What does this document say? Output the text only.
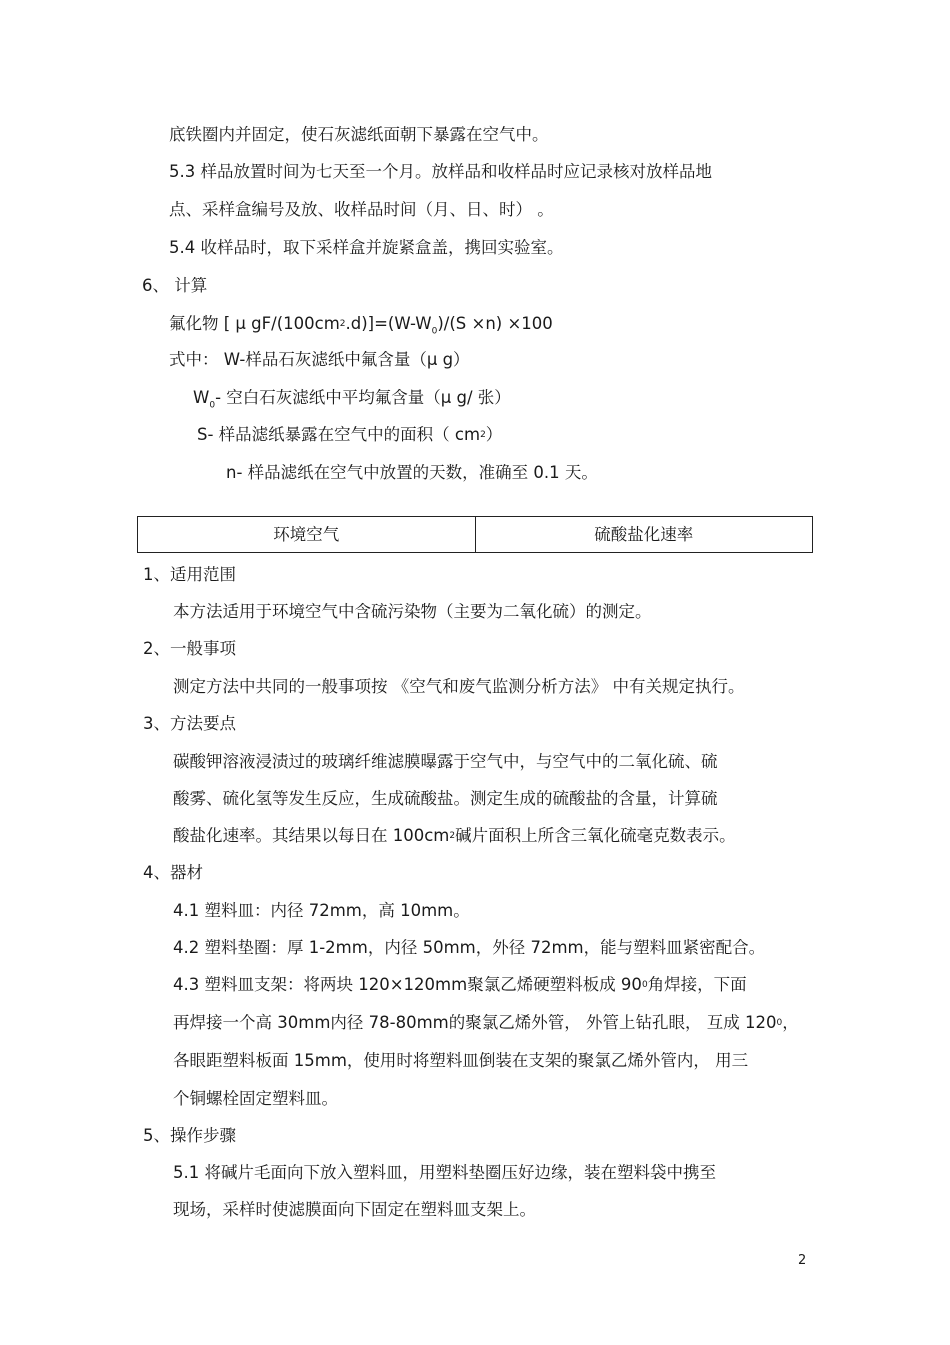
底铁圈内并固定，使石灰滤纸面朝下暴露在空气中。
5.3 样品放置时间为七天至一个月。放样品和收样品时应记录核对放样品地
点、采样盒编号及放、收样品时间（月、日、时） 。
5.4 收样品时，取下采样盒并旋紧盒盖，携回实验室。
6、 计算
氟化物 [ μ $gF/(100cm^2.d)]=(W-W_0)/(S \times n) \times 100$
式中： W-样品石灰滤纸中氟含量（μ g）
$W_0-$ 空白石灰滤纸中平均氟含量（μ g/ 张）
S- 样品滤纸暴露在空气中的面积（ $cm^2$）
n- 样品滤纸在空气中放置的天数，准确至 0.1 天。
环境空气	硫酸盐化速率
1、适用范围
本方法适用于环境空气中含硫污染物（主要为二氧化硫）的测定。
2、一般事项
测定方法中共同的一般事项按 《空气和废气监测分析方法》 中有关规定执行。
3、方法要点
碳酸钾溶液浸渍过的玻璃纤维滤膜曝露于空气中，与空气中的二氧化硫、硫
酸雾、硫化氢等发生反应，生成硫酸盐。测定生成的硫酸盐的含量，计算硫
酸盐化速率。其结果以每日在 $100cm^2$碱片面积上所含三氧化硫毫克数表示。
4、器材
4.1 塑料皿：内径 72mm，高 10mm。
4.2 塑料垫圈：厚 1-2mm，内径 50mm，外径 72mm，能与塑料皿紧密配合。
4.3 塑料皿支架：将两块 120×120mm聚氯乙烯硬塑料板成 $90^0$角焊接，下面
再焊接一个高 30mm内径 78-80mm的聚氯乙烯外管， 外管上钻孔眼， 互成 $120^0$，
各眼距塑料板面 15mm，使用时将塑料皿倒装在支架的聚氯乙烯外管内， 用三
个铜螺栓固定塑料皿。
5、操作步骤
5.1 将碱片毛面向下放入塑料皿，用塑料垫圈压好边缘，装在塑料袋中携至
现场，采样时使滤膜面向下固定在塑料皿支架上。
2
